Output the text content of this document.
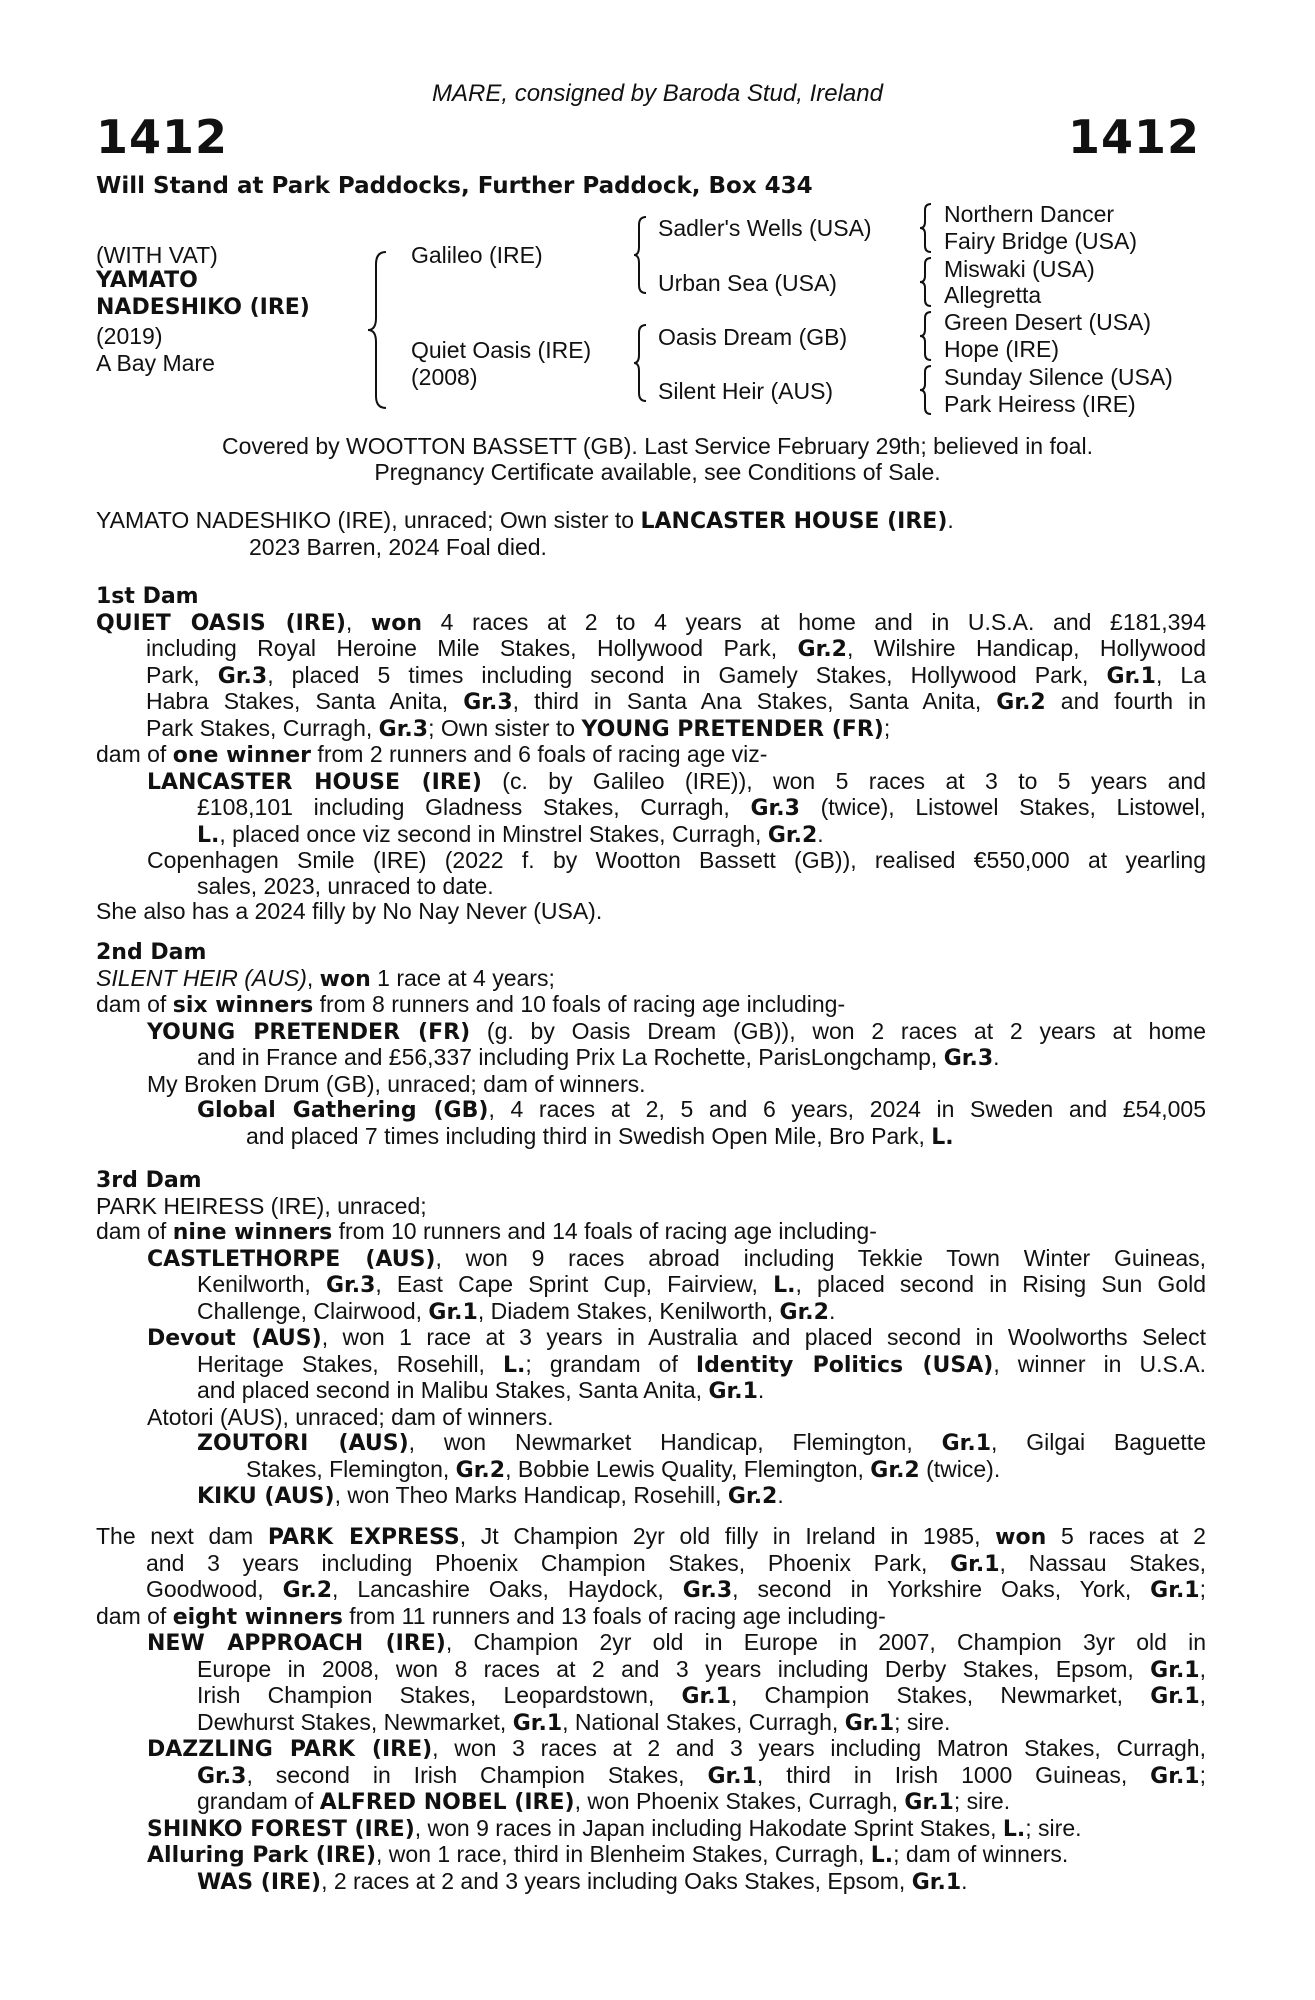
MARE, consigned by Baroda Stud, Ireland
1412	1412
Will Stand at Park Paddocks, Further Paddock, Box 434
(WITH VAT)
YAMATO
NADESHIKO (IRE)
(2019)
A Bay Mare
Galileo (IRE)
Quiet Oasis (IRE)
(2008)
Sadler's Wells (USA)
Urban Sea (USA)
Oasis Dream (GB)
Silent Heir (AUS)
Northern Dancer
Fairy Bridge (USA)
Miswaki (USA)
Allegretta
Green Desert (USA)
Hope (IRE)
Sunday Silence (USA)
Park Heiress (IRE)
Covered by WOOTTON BASSETT (GB). Last Service February 29th; believed in foal.
Pregnancy Certificate available, see Conditions of Sale.
YAMATO NADESHIKO (IRE), unraced; Own sister to LANCASTER HOUSE (IRE).
2023 Barren, 2024 Foal died.
1st Dam
QUIET OASIS (IRE), won 4 races at 2 to 4 years at home and in U.S.A. and £181,394
including Royal Heroine Mile Stakes, Hollywood Park, Gr.2, Wilshire Handicap, Hollywood
Park, Gr.3, placed 5 times including second in Gamely Stakes, Hollywood Park, Gr.1, La
Habra Stakes, Santa Anita, Gr.3, third in Santa Ana Stakes, Santa Anita, Gr.2 and fourth in
Park Stakes, Curragh, Gr.3; Own sister to YOUNG PRETENDER (FR);
dam of one winner from 2 runners and 6 foals of racing age viz-
LANCASTER HOUSE (IRE) (c. by Galileo (IRE)), won 5 races at 3 to 5 years and
£108,101 including Gladness Stakes, Curragh, Gr.3 (twice), Listowel Stakes, Listowel,
L., placed once viz second in Minstrel Stakes, Curragh, Gr.2.
Copenhagen Smile (IRE) (2022 f. by Wootton Bassett (GB)), realised €550,000 at yearling
sales, 2023, unraced to date.
She also has a 2024 filly by No Nay Never (USA).
2nd Dam
SILENT HEIR (AUS), won 1 race at 4 years;
dam of six winners from 8 runners and 10 foals of racing age including-
YOUNG PRETENDER (FR) (g. by Oasis Dream (GB)), won 2 races at 2 years at home
and in France and £56,337 including Prix La Rochette, ParisLongchamp, Gr.3.
My Broken Drum (GB), unraced; dam of winners.
Global Gathering (GB), 4 races at 2, 5 and 6 years, 2024 in Sweden and £54,005
and placed 7 times including third in Swedish Open Mile, Bro Park, L.
3rd Dam
PARK HEIRESS (IRE), unraced;
dam of nine winners from 10 runners and 14 foals of racing age including-
CASTLETHORPE (AUS), won 9 races abroad including Tekkie Town Winter Guineas,
Kenilworth, Gr.3, East Cape Sprint Cup, Fairview, L., placed second in Rising Sun Gold
Challenge, Clairwood, Gr.1, Diadem Stakes, Kenilworth, Gr.2.
Devout (AUS), won 1 race at 3 years in Australia and placed second in Woolworths Select
Heritage Stakes, Rosehill, L.; grandam of Identity Politics (USA), winner in U.S.A.
and placed second in Malibu Stakes, Santa Anita, Gr.1.
Atotori (AUS), unraced; dam of winners.
ZOUTORI (AUS), won Newmarket Handicap, Flemington, Gr.1, Gilgai Baguette
Stakes, Flemington, Gr.2, Bobbie Lewis Quality, Flemington, Gr.2 (twice).
KIKU (AUS), won Theo Marks Handicap, Rosehill, Gr.2.
The next dam PARK EXPRESS, Jt Champion 2yr old filly in Ireland in 1985, won 5 races at 2
and 3 years including Phoenix Champion Stakes, Phoenix Park, Gr.1, Nassau Stakes,
Goodwood, Gr.2, Lancashire Oaks, Haydock, Gr.3, second in Yorkshire Oaks, York, Gr.1;
dam of eight winners from 11 runners and 13 foals of racing age including-
NEW APPROACH (IRE), Champion 2yr old in Europe in 2007, Champion 3yr old in
Europe in 2008, won 8 races at 2 and 3 years including Derby Stakes, Epsom, Gr.1,
Irish Champion Stakes, Leopardstown, Gr.1, Champion Stakes, Newmarket, Gr.1,
Dewhurst Stakes, Newmarket, Gr.1, National Stakes, Curragh, Gr.1; sire.
DAZZLING PARK (IRE), won 3 races at 2 and 3 years including Matron Stakes, Curragh,
Gr.3, second in Irish Champion Stakes, Gr.1, third in Irish 1000 Guineas, Gr.1;
grandam of ALFRED NOBEL (IRE), won Phoenix Stakes, Curragh, Gr.1; sire.
SHINKO FOREST (IRE), won 9 races in Japan including Hakodate Sprint Stakes, L.; sire.
Alluring Park (IRE), won 1 race, third in Blenheim Stakes, Curragh, L.; dam of winners.
WAS (IRE), 2 races at 2 and 3 years including Oaks Stakes, Epsom, Gr.1.
